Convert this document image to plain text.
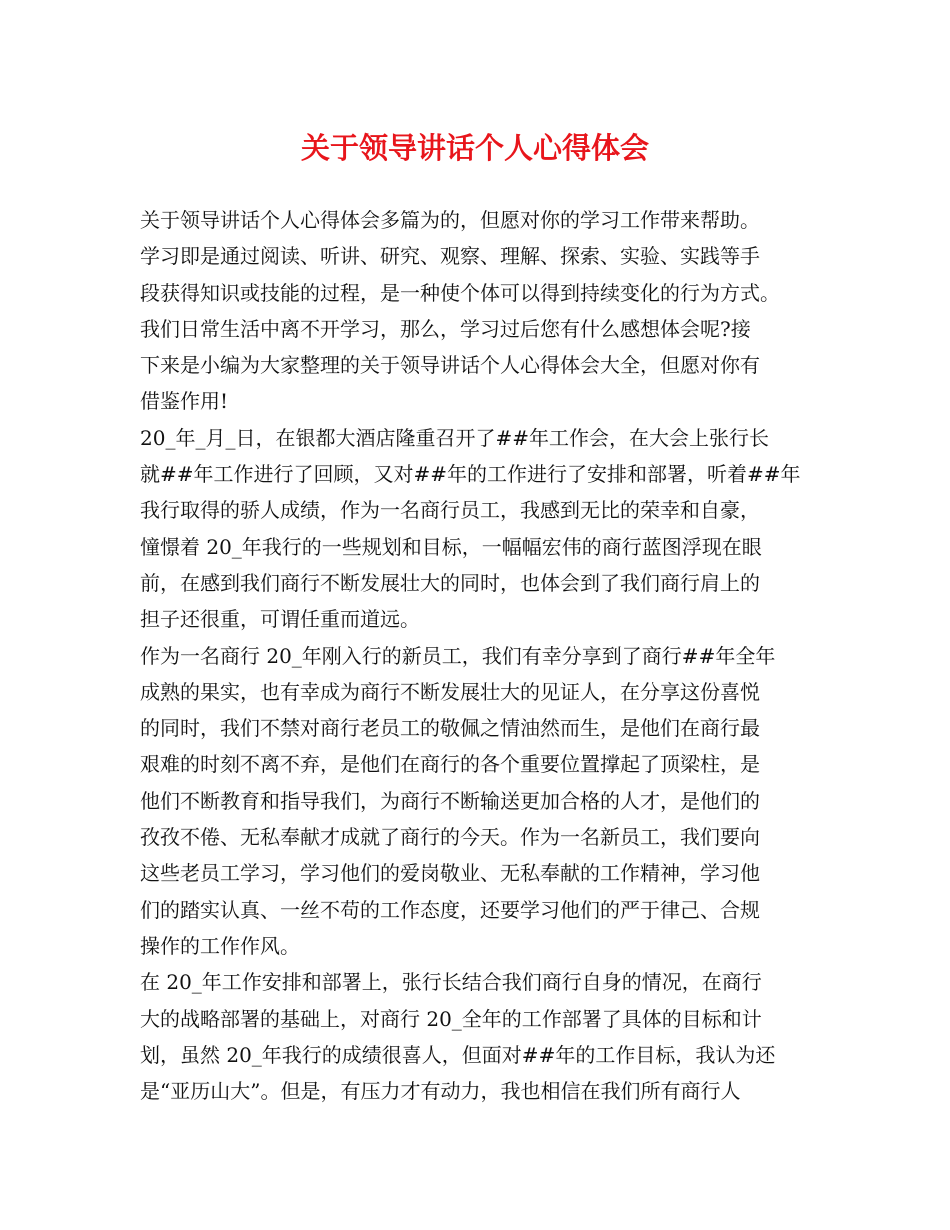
关于领导讲话个人心得体会
关于领导讲话个人心得体会多篇为的，但愿对你的学习工作带来帮助。
学习即是通过阅读、听讲、研究、观察、理解、探索、实验、实践等手
段获得知识或技能的过程，是一种使个体可以得到持续变化的行为方式。
我们日常生活中离不开学习，那么，学习过后您有什么感想体会呢?接
下来是小编为大家整理的关于领导讲话个人心得体会大全，但愿对你有
借鉴作用!
20_年_月_日，在银都大酒店隆重召开了##年工作会，在大会上张行长
就##年工作进行了回顾，又对##年的工作进行了安排和部署，听着##年
我行取得的骄人成绩，作为一名商行员工，我感到无比的荣幸和自豪，
憧憬着 20_年我行的一些规划和目标，一幅幅宏伟的商行蓝图浮现在眼
前，在感到我们商行不断发展壮大的同时，也体会到了我们商行肩上的
担子还很重，可谓任重而道远。
作为一名商行 20_年刚入行的新员工，我们有幸分享到了商行##年全年
成熟的果实，也有幸成为商行不断发展壮大的见证人，在分享这份喜悦
的同时，我们不禁对商行老员工的敬佩之情油然而生，是他们在商行最
艰难的时刻不离不弃，是他们在商行的各个重要位置撑起了顶梁柱，是
他们不断教育和指导我们，为商行不断输送更加合格的人才，是他们的
孜孜不倦、无私奉献才成就了商行的今天。作为一名新员工，我们要向
这些老员工学习，学习他们的爱岗敬业、无私奉献的工作精神，学习他
们的踏实认真、一丝不苟的工作态度，还要学习他们的严于律己、合规
操作的工作作风。
在 20_年工作安排和部署上，张行长结合我们商行自身的情况，在商行
大的战略部署的基础上，对商行 20_全年的工作部署了具体的目标和计
划，虽然 20_年我行的成绩很喜人，但面对##年的工作目标，我认为还
是“亚历山大”。但是，有压力才有动力，我也相信在我们所有商行人
